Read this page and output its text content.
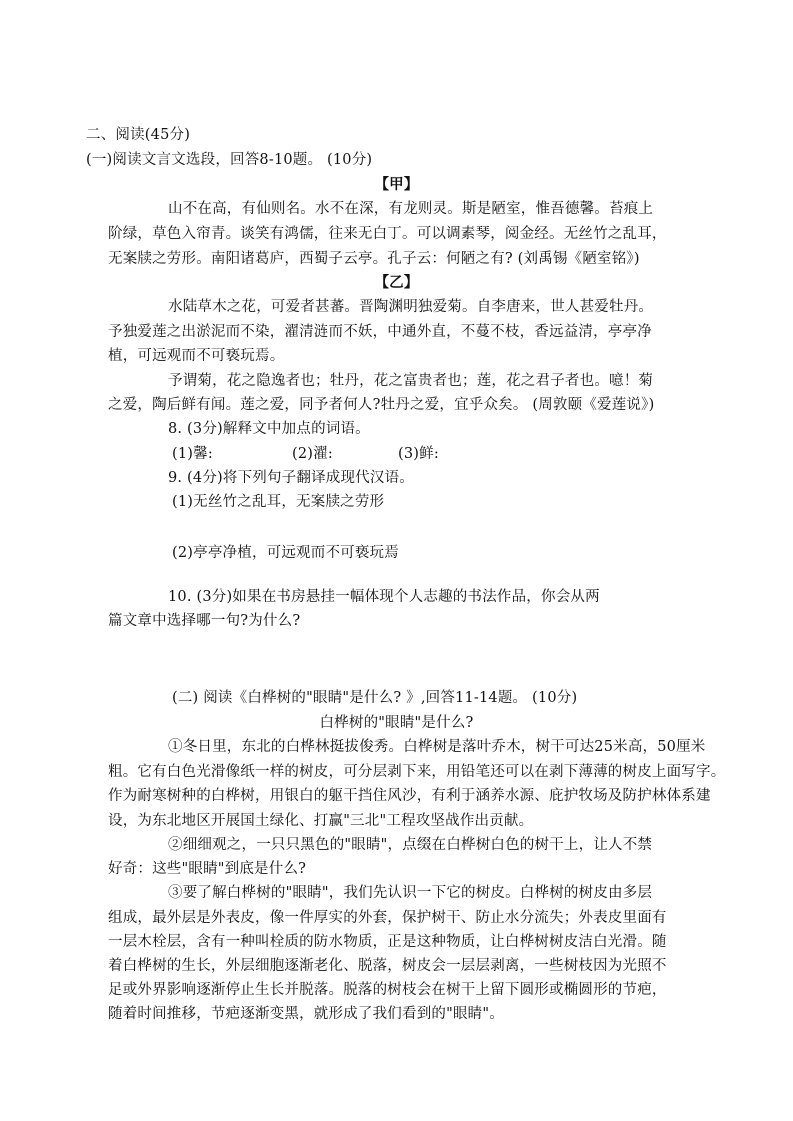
二、阅读(45分)
(一)阅读文言文选段，回答8-10题。 (10分)
【甲】
山不在高，有仙则名。水不在深，有龙则灵。斯是陋室，惟吾德馨。苔痕上
阶绿，草色入帘青。谈笑有鸿儒，往来无白丁。可以调素琴，阅金经。无丝竹之乱耳，
无案牍之劳形。南阳诸葛庐，西蜀子云亭。孔子云：何陋之有? (刘禹锡《陋室铭》)
【乙】
水陆草木之花，可爱者甚蕃。晋陶渊明独爱菊。自李唐来，世人甚爱牡丹。
予独爱莲之出淤泥而不染，濯清涟而不妖，中通外直，不蔓不枝，香远益清，亭亭净
植，可远观而不可亵玩焉。
予谓菊，花之隐逸者也；牡丹，花之富贵者也；莲，花之君子者也。噫！菊
之爱，陶后鲜有闻。莲之爱，同予者何人?牡丹之爱，宜乎众矣。 (周敦颐《爱莲说》)
8. (3分)解释文中加点的词语。
(1)馨:	(2)濯:	(3)鲜:
9. (4分)将下列句子翻译成现代汉语。
(1)无丝竹之乱耳，无案牍之劳形
(2)亭亭净植，可远观而不可亵玩焉
10. (3分)如果在书房悬挂一幅体现个人志趣的书法作品，你会从两
篇文章中选择哪一句?为什么?
(二) 阅读《白桦树的"眼睛"是什么? 》,回答11-14题。 (10分)
白桦树的"眼睛"是什么?
①冬日里，东北的白桦林挺拔俊秀。白桦树是落叶乔木，树干可达25米高，50厘米
粗。它有白色光滑像纸一样的树皮，可分层剥下来，用铅笔还可以在剥下薄薄的树皮上面写字。
作为耐寒树种的白桦树，用银白的躯干挡住风沙，有利于涵养水源、庇护牧场及防护林体系建
设，为东北地区开展国土绿化、打赢"三北"工程攻坚战作出贡献。
②细细观之，一只只黑色的"眼睛"，点缀在白桦树白色的树干上，让人不禁
好奇：这些"眼睛"到底是什么?
③要了解白桦树的"眼睛"，我们先认识一下它的树皮。白桦树的树皮由多层
组成，最外层是外表皮，像一件厚实的外套，保护树干、防止水分流失；外表皮里面有
一层木栓层，含有一种叫栓质的防水物质，正是这种物质，让白桦树树皮洁白光滑。随
着白桦树的生长，外层细胞逐渐老化、脱落，树皮会一层层剥离，一些树枝因为光照不
足或外界影响逐渐停止生长并脱落。脱落的树枝会在树干上留下圆形或椭圆形的节疤，
随着时间推移，节疤逐渐变黑，就形成了我们看到的"眼睛"。
